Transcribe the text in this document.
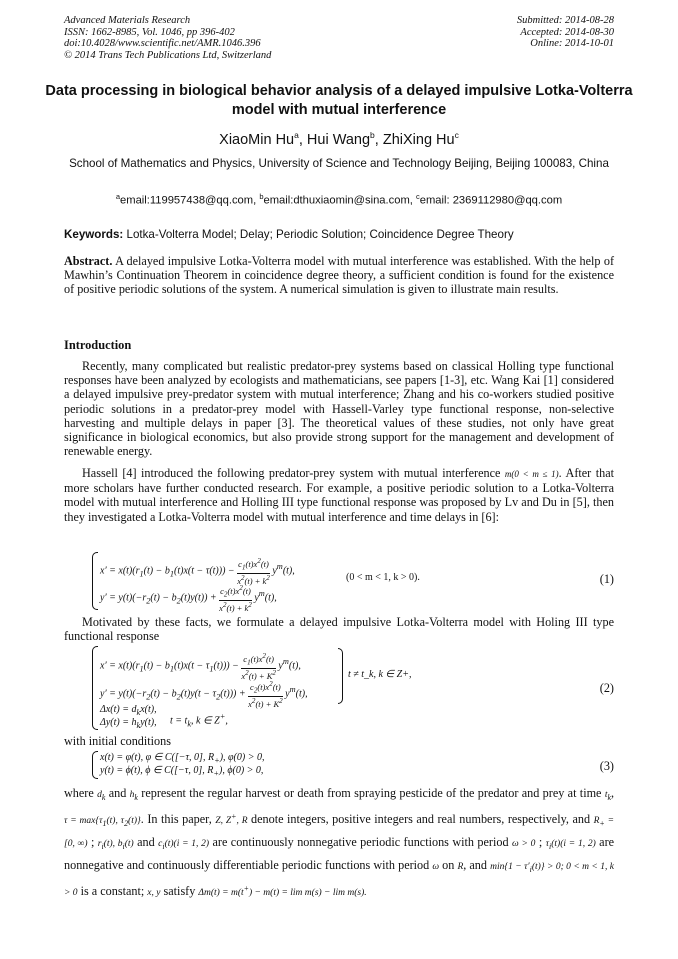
Advanced Materials Research
ISSN: 1662-8985, Vol. 1046, pp 396-402
doi:10.4028/www.scientific.net/AMR.1046.396
© 2014 Trans Tech Publications Ltd, Switzerland
Submitted: 2014-08-28
Accepted: 2014-08-30
Online: 2014-10-01
Data processing in biological behavior analysis of a delayed impulsive Lotka-Volterra model with mutual interference
XiaoMin Hu$^a$, Hui Wang$^b$, ZhiXing Hu$^c$
School of Mathematics and Physics, University of Science and Technology Beijing, Beijing 100083, China
$^a$email:119957438@qq.com, $^b$email:dthuxiaomin@sina.com, $^c$email: 2369112980@qq.com
Keywords: Lotka-Volterra Model; Delay; Periodic Solution; Coincidence Degree Theory
Abstract. A delayed impulsive Lotka-Volterra model with mutual interference was established. With the help of Mawhin’s Continuation Theorem in coincidence degree theory, a sufficient condition is found for the existence of positive periodic solutions of the system. A numerical simulation is given to illustrate main results.
Introduction
Recently, many complicated but realistic predator-prey systems based on classical Holling type functional responses have been analyzed by ecologists and mathematicians, see papers [1-3], etc. Wang Kai [1] considered a delayed impulsive prey-predator system with mutual interference; Zhang and his co-workers studied positive periodic solutions in a predator-prey model with Hassell-Varley type functional response, non-selective harvesting and multiple delays in paper [3]. The theoretical values of these studies, not only have great significance in biological economics, but also provide strong support for the management and development of renewable energy.
Hassell [4] introduced the following predator-prey system with mutual interference m(0 < m ≤ 1). After that more scholars have further conducted research. For example, a positive periodic solution to a Lotka-Volterra model with mutual interference and Holling III type functional response was proposed by Lv and Du in [5], then they investigated a Lotka-Volterra model with mutual interference and time delays in [6]:
$x' = x(t)(r_1(t) - b_1(t)x(t - \tau(t))) - \frac{c_1(t)x^2(t)}{x^2(t) + k^2} y^m(t)$,
$y' = y(t)(-r_2(t) - b_2(t)y(t)) + \frac{c_2(t)x^2(t)}{x^2(t) + k^2} y^m(t)$,
(0 < m < 1, k > 0).	(1)
Motivated by these facts, we formulate a delayed impulsive Lotka-Volterra model with Holing III type functional response
$x' = x(t)(r_1(t) - b_1(t)x(t - \tau_1(t))) - \frac{c_1(t)x^2(t)}{x^2(t) + K^2} y^m(t)$,
$y' = y(t)(-r_2(t) - b_2(t)y(t - \tau_2(t))) + \frac{c_2(t)x^2(t)}{x^2(t) + K^2} y^m(t)$,
t ≠ t_k, k ∈ Z+,
$\Delta x(t) = d_kx(t)$,
$\Delta y(t) = h_ky(t)$, $t = t_k$, k ∈ Z+,
(2)
with initial conditions
x(t) = φ(t), φ ∈ C([−τ, 0], $R_+$), φ(0) > 0,
y(t) = ϕ(t), ϕ ∈ C([−τ, 0], $R_+$), ϕ(0) > 0,	(3)
where $d_k$ and $h_k$ represent the regular harvest or death from spraying pesticide of the predator and prey at time $t_k$, $\tau = \max\{\tau_1(t)$, $\tau_2(t)$}. In this paper, Z, Z+, R denote integers, positive integers and real numbers, respectively, and $R_+ = [0$, ∞) ; $r_i(t)$, $b_i(t)$ and $c_i(t)(i = 1$, 2) are continuously nonnegative periodic functions with period ω > 0 ; $\tau_i(t)(i = 1$, 2) are nonnegative and continuously differentiable periodic functions with period ω on R, and $\min\{1 - \tau'_i(t)\} > 0$; 0 < m < 1, k > 0 is a constant; x, y satisfy Δm(t) = m(t+) − m(t) = lim m(s) − lim m(s).
